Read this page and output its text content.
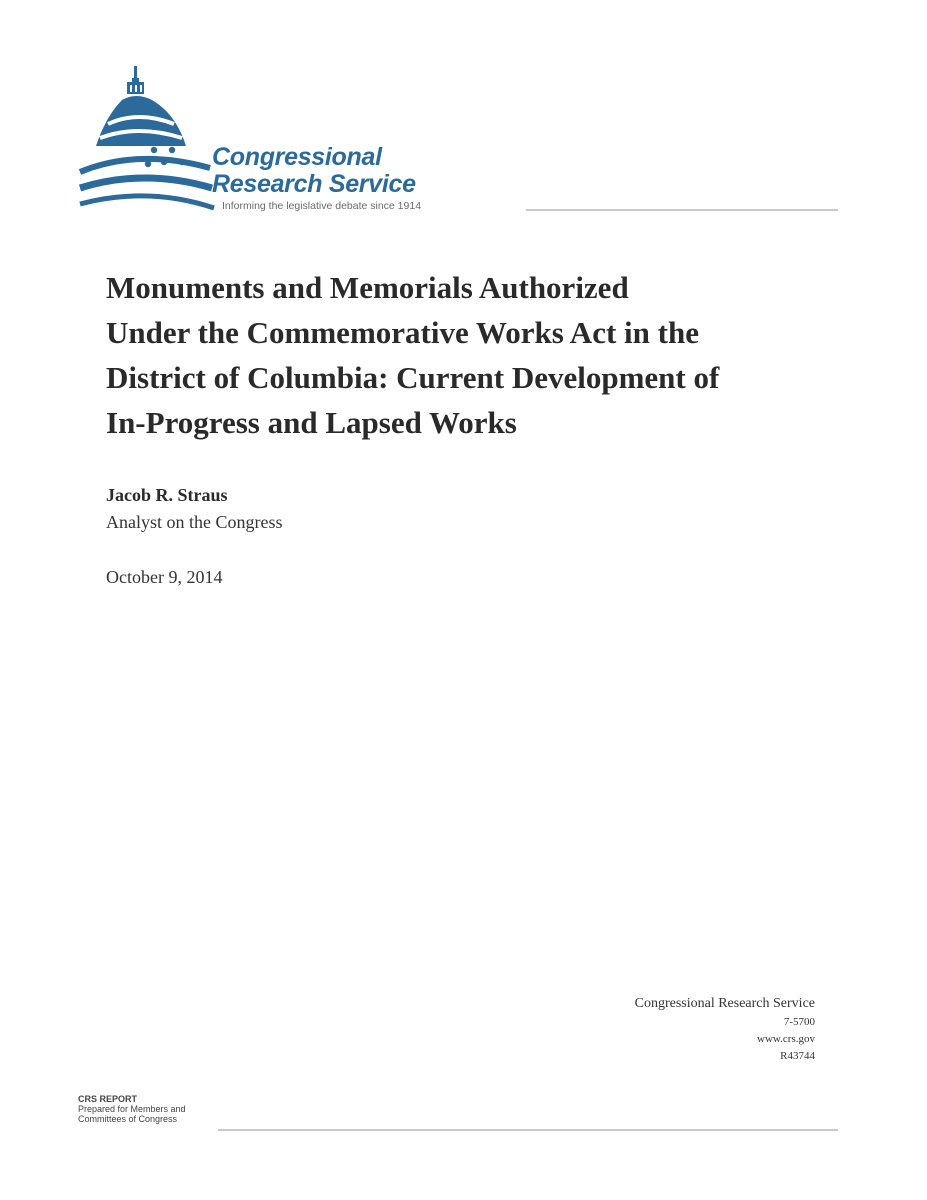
Congressional
Research Service
Informing the legislative debate since 1914
Monuments and Memorials Authorized
Under the Commemorative Works Act in the
District of Columbia: Current Development of
In-Progress and Lapsed Works
Jacob R. Straus
Analyst on the Congress
October 9, 2014
Congressional Research Service
7-5700
www.crs.gov
R43744
CRS REPORT
Prepared for Members and
Committees of Congress
